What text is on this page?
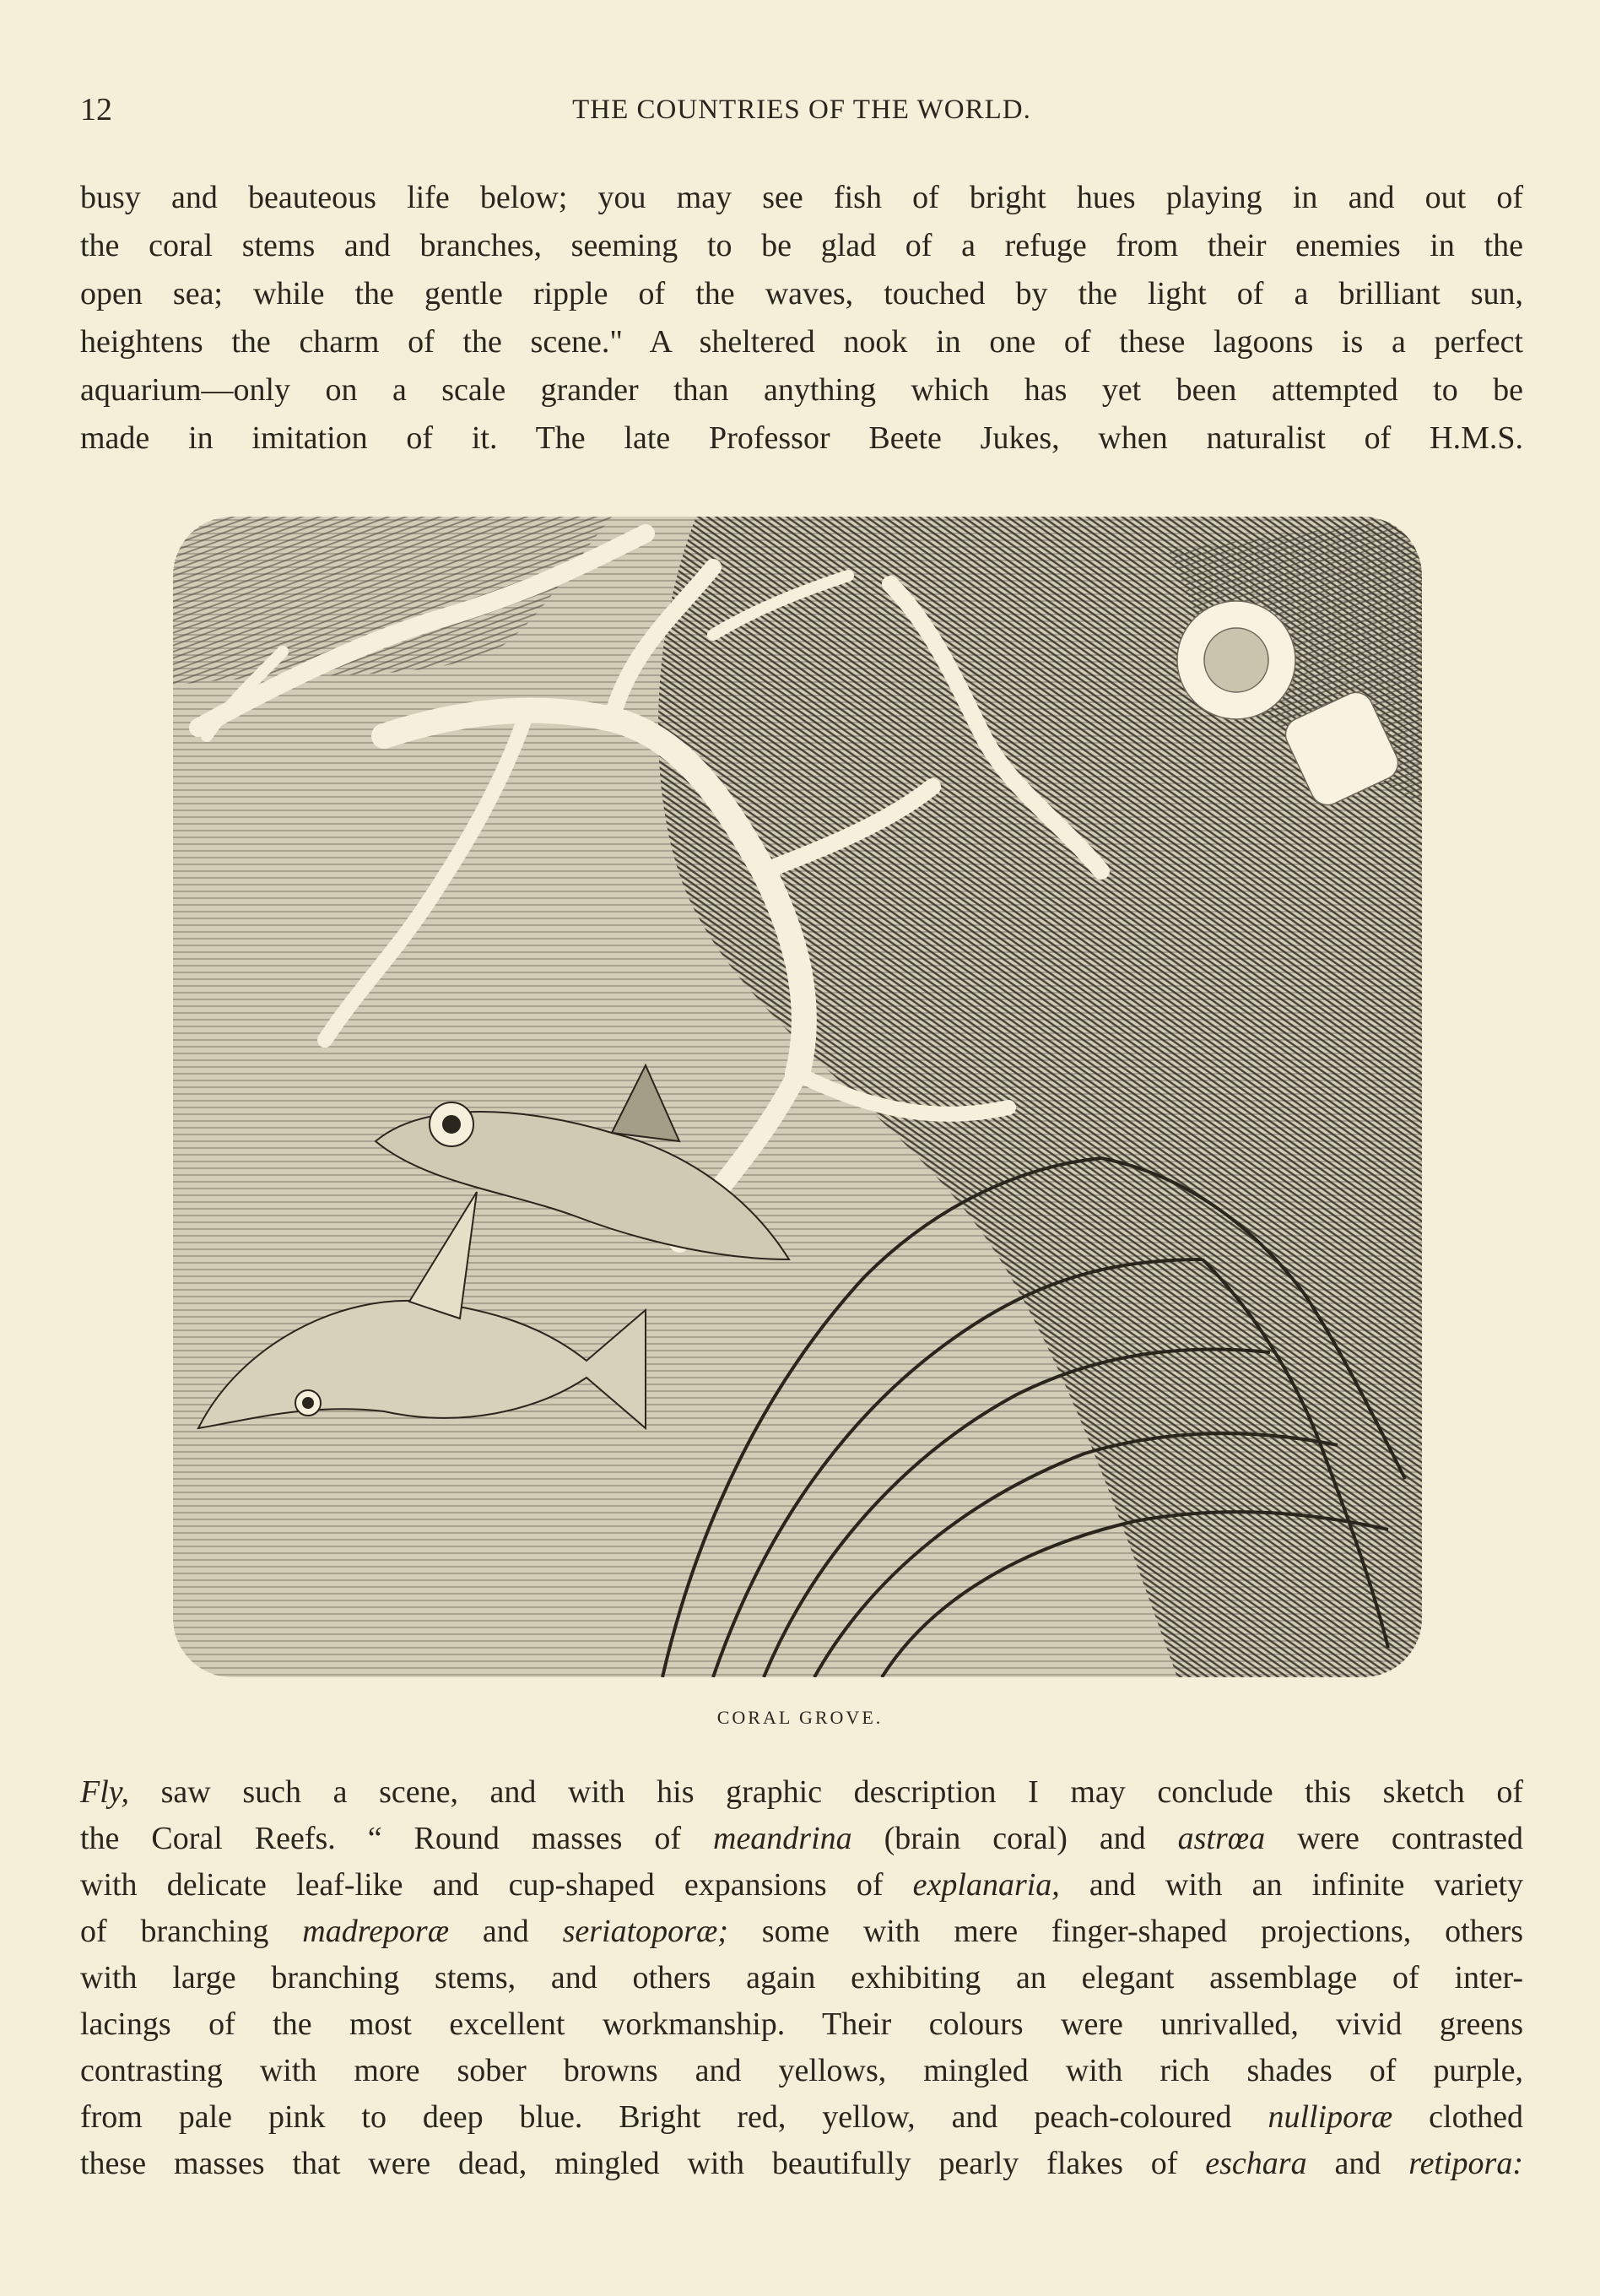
12	THE COUNTRIES OF THE WORLD.
busy and beauteous life below; you may see fish of bright hues playing in and out of
the coral stems and branches, seeming to be glad of a refuge from their enemies in the
open sea; while the gentle ripple of the waves, touched by the light of a brilliant sun,
heightens the charm of the scene." A sheltered nook in one of these lagoons is a perfect
aquarium—only on a scale grander than anything which has yet been attempted to be
made in imitation of it. The late Professor Beete Jukes, when naturalist of H.M.S.
CORAL GROVE.
Fly, saw such a scene, and with his graphic description I may conclude this sketch of
the Coral Reefs. “ Round masses of meandrina (brain coral) and astrœa were contrasted
with delicate leaf-like and cup-shaped expansions of explanaria, and with an infinite variety
of branching madreporæ and seriatoporæ; some with mere finger-shaped projections, others
with large branching stems, and others again exhibiting an elegant assemblage of inter-
lacings of the most excellent workmanship. Their colours were unrivalled, vivid greens
contrasting with more sober browns and yellows, mingled with rich shades of purple,
from pale pink to deep blue. Bright red, yellow, and peach-coloured nulliporæ clothed
these masses that were dead, mingled with beautifully pearly flakes of eschara and retipora:
